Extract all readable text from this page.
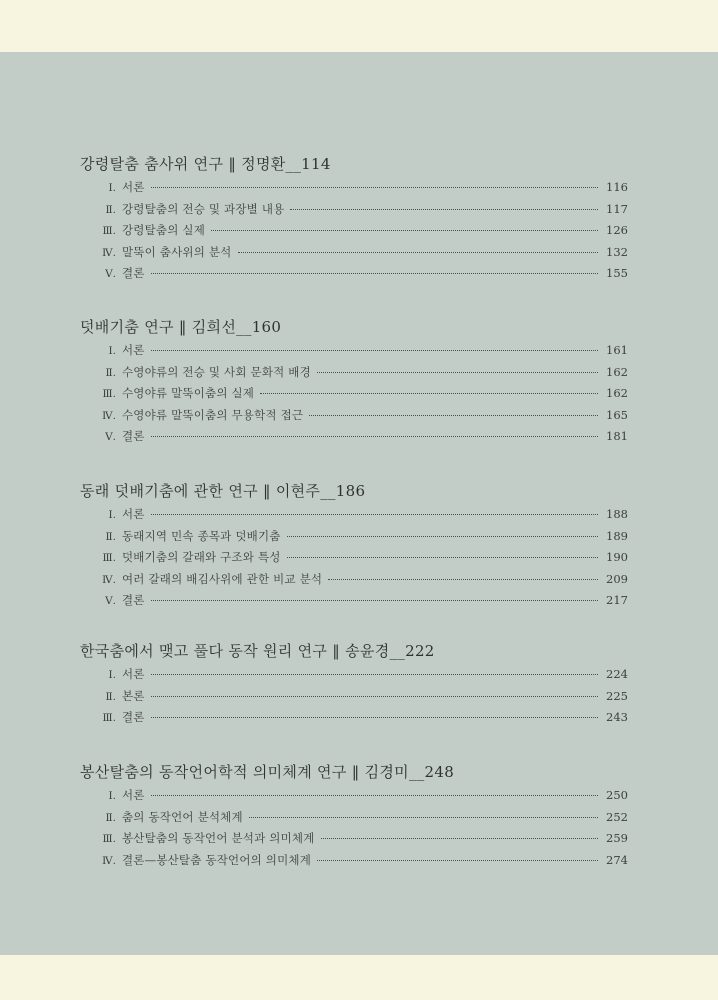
강령탈춤 춤사위 연구 ‖ 정명환__114
Ⅰ. 서론	116
Ⅱ. 강령탈춤의 전승 및 과장별 내용	117
Ⅲ. 강령탈춤의 실제	126
Ⅳ. 말뚝이 춤사위의 분석	132
Ⅴ. 결론	155
덧배기춤 연구 ‖ 김희선__160
Ⅰ. 서론	161
Ⅱ. 수영야류의 전승 및 사회 문화적 배경	162
Ⅲ. 수영야류 말뚝이춤의 실제	162
Ⅳ. 수영야류 말뚝이춤의 무용학적 접근	165
Ⅴ. 결론	181
동래 덧배기춤에 관한 연구 ‖ 이현주__186
Ⅰ. 서론	188
Ⅱ. 동래지역 민속 종목과 덧배기춤	189
Ⅲ. 덧배기춤의 갈래와 구조와 특성	190
Ⅳ. 여러 갈래의 배김사위에 관한 비교 분석	209
Ⅴ. 결론	217
한국춤에서 맺고 풀다 동작 원리 연구 ‖ 송윤경__222
Ⅰ. 서론	224
Ⅱ. 본론	225
Ⅲ. 결론	243
봉산탈춤의 동작언어학적 의미체계 연구 ‖ 김경미__248
Ⅰ. 서론	250
Ⅱ. 춤의 동작언어 분석체계	252
Ⅲ. 봉산탈춤의 동작언어 분석과 의미체계	259
Ⅳ. 결론—봉산탈춤 동작언어의 의미체계	274
